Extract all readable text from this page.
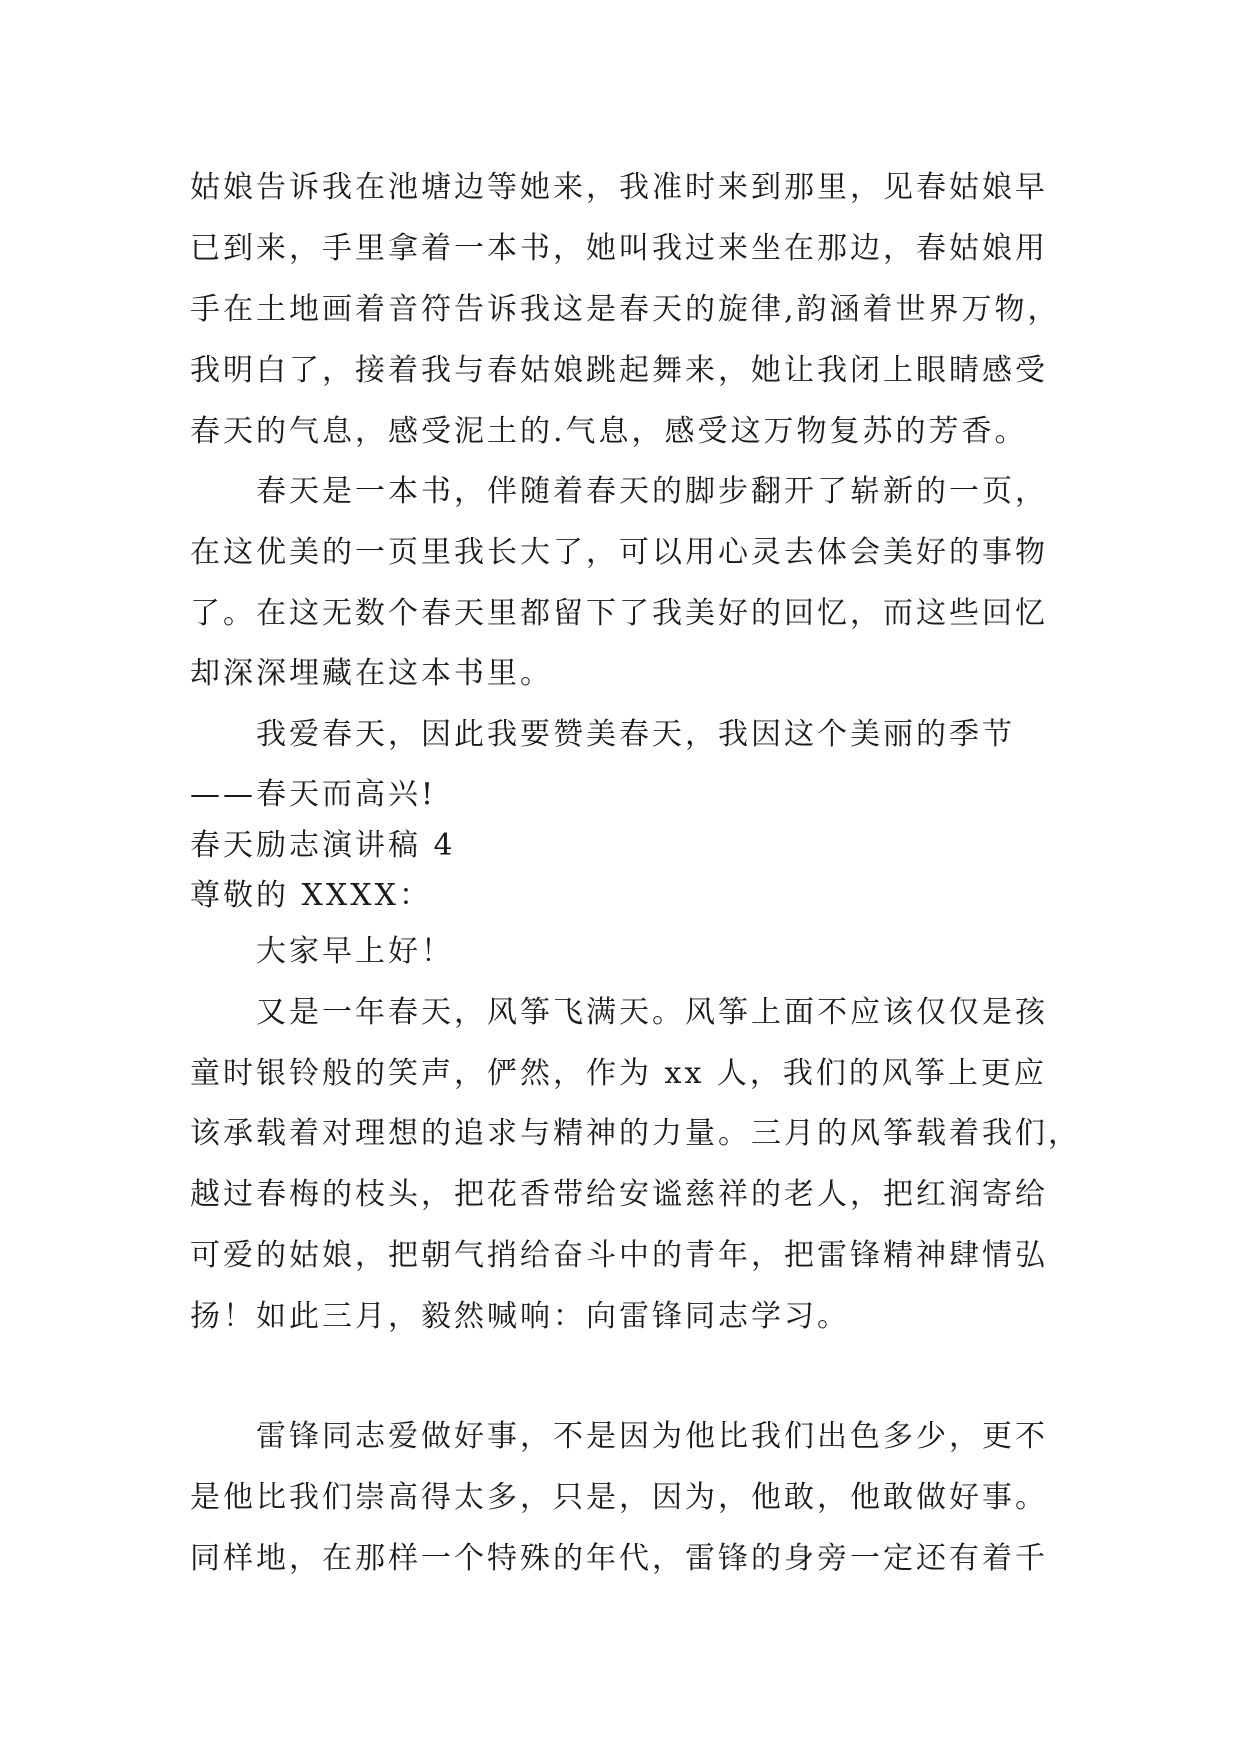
姑娘告诉我在池塘边等她来，我准时来到那里，见春姑娘早
已到来，手里拿着一本书，她叫我过来坐在那边，春姑娘用
手在土地画着音符告诉我这是春天的旋律,韵涵着世界万物，
我明白了，接着我与春姑娘跳起舞来，她让我闭上眼睛感受
春天的气息，感受泥土的.气息，感受这万物复苏的芳香。
春天是一本书，伴随着春天的脚步翻开了崭新的一页，
在这优美的一页里我长大了，可以用心灵去体会美好的事物
了。在这无数个春天里都留下了我美好的回忆，而这些回忆
却深深埋藏在这本书里。
我爱春天，因此我要赞美春天，我因这个美丽的季节
——春天而高兴!
春天励志演讲稿 4
尊敬的 XXXX：
大家早上好！
又是一年春天，风筝飞满天。风筝上面不应该仅仅是孩
童时银铃般的笑声，俨然，作为 xx 人，我们的风筝上更应
该承载着对理想的追求与精神的力量。三月的风筝载着我们，
越过春梅的枝头，把花香带给安谧慈祥的老人，把红润寄给
可爱的姑娘，把朝气捎给奋斗中的青年，把雷锋精神肆情弘
扬！如此三月，毅然喊响：向雷锋同志学习。
雷锋同志爱做好事，不是因为他比我们出色多少，更不
是他比我们崇高得太多，只是，因为，他敢，他敢做好事。
同样地，在那样一个特殊的年代，雷锋的身旁一定还有着千
